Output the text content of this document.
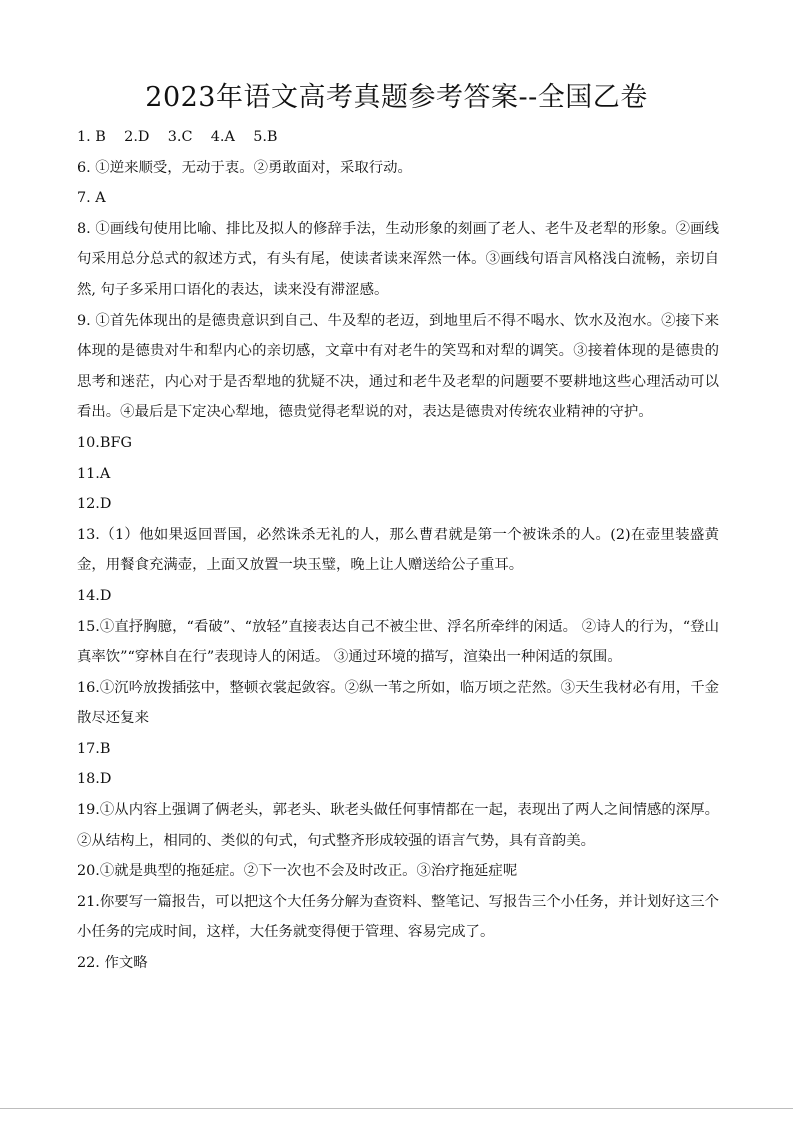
2023年语文高考真题参考答案--全国乙卷

1. B    2.D    3.C    4.A    5.B

6. ①逆来顺受，无动于衷。②勇敢面对，采取行动。

7. A

8. ①画线句使用比喻、排比及拟人的修辞手法，生动形象的刻画了老人、老牛及老犁的形象。②画线句采用总分总式的叙述方式，有头有尾，使读者读来浑然一体。③画线句语言风格浅白流畅，亲切自然, 句子多采用口语化的表达，读来没有滞涩感。

9. ①首先体现出的是德贵意识到自己、牛及犁的老迈，到地里后不得不喝水、饮水及泡水。②接下来体现的是德贵对牛和犁内心的亲切感，文章中有对老牛的笑骂和对犁的调笑。③接着体现的是德贵的思考和迷茫，内心对于是否犁地的犹疑不决，通过和老牛及老犁的问题要不要耕地这些心理活动可以看出。④最后是下定决心犁地，德贵觉得老犁说的对，表达是德贵对传统农业精神的守护。

10.BFG

11.A

12.D

13.（1）他如果返回晋国，必然诛杀无礼的人，那么曹君就是第一个被诛杀的人。(2)在壶里装盛黄金，用餐食充满壶，上面又放置一块玉璧，晚上让人赠送给公子重耳。

14.D

15.①直抒胸臆，“看破”、“放轻”直接表达自己不被尘世、浮名所牵绊的闲适。 ②诗人的行为，“登山真率饮”“穿林自在行”表现诗人的闲适。 ③通过环境的描写，渲染出一种闲适的氛围。

16.①沉吟放拨插弦中，整顿衣裳起敛容。②纵一苇之所如，临万顷之茫然。③天生我材必有用，千金散尽还复来

17.B

18.D

19.①从内容上强调了俩老头，郭老头、耿老头做任何事情都在一起，表现出了两人之间情感的深厚。②从结构上，相同的、类似的句式，句式整齐形成较强的语言气势，具有音韵美。

20.①就是典型的拖延症。②下一次也不会及时改正。③治疗拖延症呢

21.你要写一篇报告，可以把这个大任务分解为查资料、整笔记、写报告三个小任务，并计划好这三个小任务的完成时间，这样，大任务就变得便于管理、容易完成了。

22. 作文略
